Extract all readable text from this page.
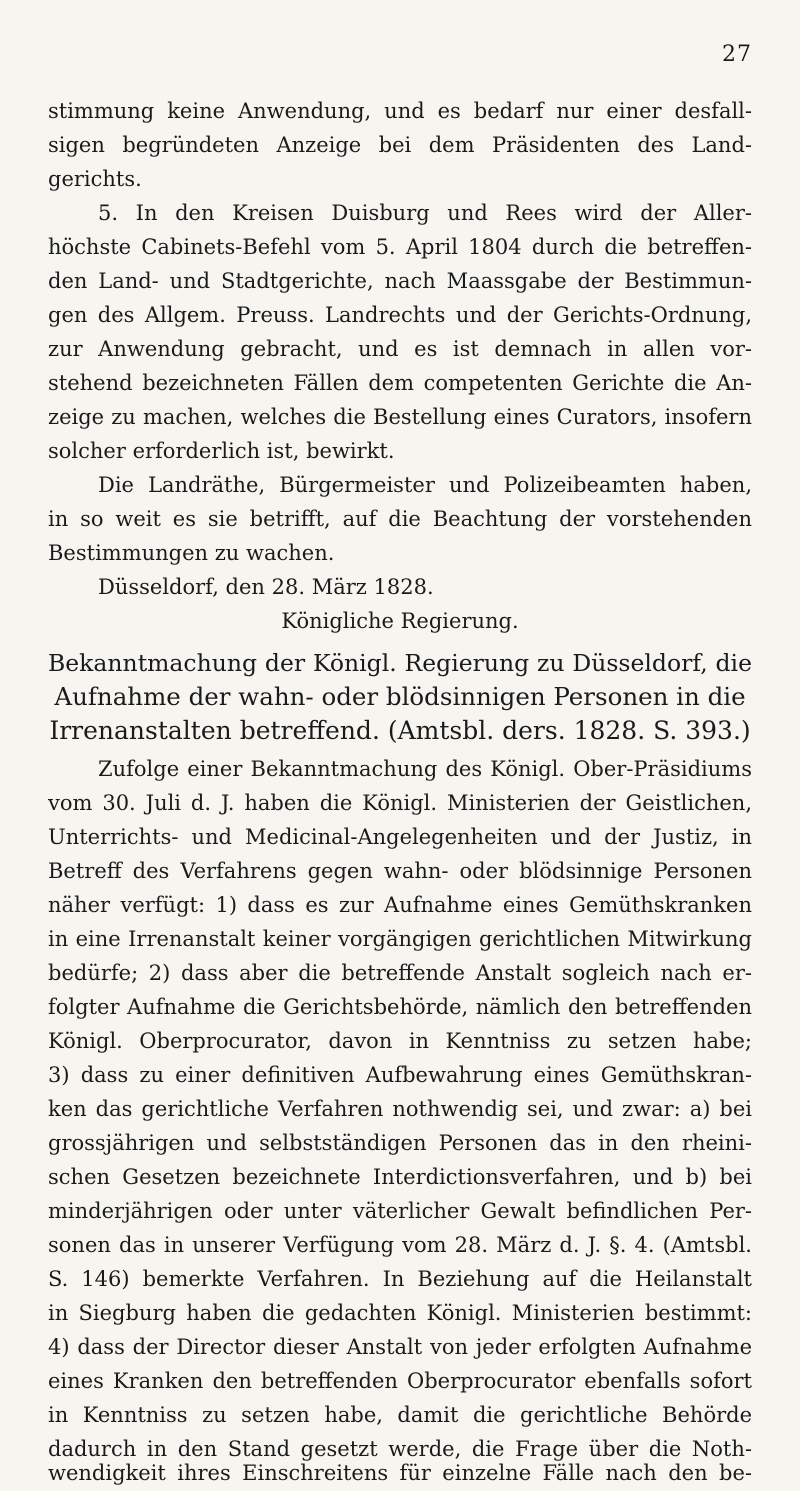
27
stimmung keine Anwendung, und es bedarf nur einer desfall-
sigen begründeten Anzeige bei dem Präsidenten des Land-
gerichts.
5. In den Kreisen Duisburg und Rees wird der Aller-
höchste Cabinets-Befehl vom 5. April 1804 durch die betreffen-
den Land- und Stadtgerichte, nach Maassgabe der Bestimmun-
gen des Allgem. Preuss. Landrechts und der Gerichts-Ordnung,
zur Anwendung gebracht, und es ist demnach in allen vor-
stehend bezeichneten Fällen dem competenten Gerichte die An-
zeige zu machen, welches die Bestellung eines Curators, insofern
solcher erforderlich ist, bewirkt.
Die Landräthe, Bürgermeister und Polizeibeamten haben,
in so weit es sie betrifft, auf die Beachtung der vorstehenden
Bestimmungen zu wachen.
Düsseldorf, den 28. März 1828.
Königliche Regierung.
Bekanntmachung der Königl. Regierung zu Düsseldorf, die
Aufnahme der wahn- oder blödsinnigen Personen in die
Irrenanstalten betreffend. (Amtsbl. ders. 1828. S. 393.)
Zufolge einer Bekanntmachung des Königl. Ober-Präsidiums
vom 30. Juli d. J. haben die Königl. Ministerien der Geistlichen,
Unterrichts- und Medicinal-Angelegenheiten und der Justiz, in
Betreff des Verfahrens gegen wahn- oder blödsinnige Personen
näher verfügt: 1) dass es zur Aufnahme eines Gemüthskranken
in eine Irrenanstalt keiner vorgängigen gerichtlichen Mitwirkung
bedürfe; 2) dass aber die betreffende Anstalt sogleich nach er-
folgter Aufnahme die Gerichtsbehörde, nämlich den betreffenden
Königl. Oberprocurator, davon in Kenntniss zu setzen habe;
3) dass zu einer definitiven Aufbewahrung eines Gemüthskran-
ken das gerichtliche Verfahren nothwendig sei, und zwar: a) bei
grossjährigen und selbstständigen Personen das in den rheini-
schen Gesetzen bezeichnete Interdictionsverfahren, und b) bei
minderjährigen oder unter väterlicher Gewalt befindlichen Per-
sonen das in unserer Verfügung vom 28. März d. J. §. 4. (Amtsbl.
S. 146) bemerkte Verfahren. In Beziehung auf die Heilanstalt
in Siegburg haben die gedachten Königl. Ministerien bestimmt:
4) dass der Director dieser Anstalt von jeder erfolgten Aufnahme
eines Kranken den betreffenden Oberprocurator ebenfalls sofort
in Kenntniss zu setzen habe, damit die gerichtliche Behörde
dadurch in den Stand gesetzt werde, die Frage über die Noth-
wendigkeit ihres Einschreitens für einzelne Fälle nach den be-
